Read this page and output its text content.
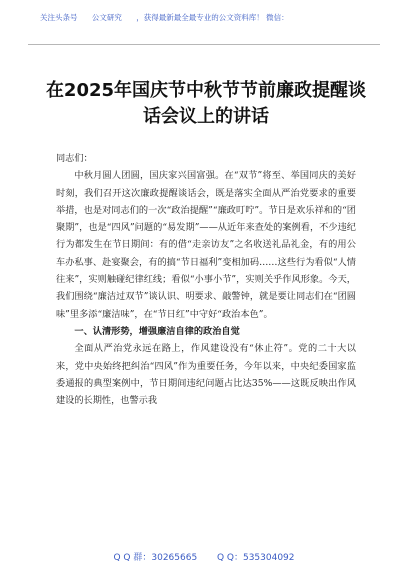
关注头条号 公文研究 ，获得最新最全最专业的公文资料库！ 微信：
在2025年国庆节中秋节节前廉政提醒谈
话会议上的讲话

同志们：

中秋月圆人团圆，国庆家兴国富强。在“双节”将至、举国同庆的美好时刻，我们召开这次廉政提醒谈话会，既是落实全面从严治党要求的重要举措，也是对同志们的一次“政治提醒”“廉政叮咛”。节日是欢乐祥和的“团聚期”，也是“四风”问题的“易发期”——从近年来查处的案例看，不少违纪行为都发生在节日期间：有的借“走亲访友”之名收送礼品礼金，有的用公车办私事、赴宴聚会，有的搞“节日福利”变相加码……这些行为看似“人情往来”，实则触碰纪律红线；看似“小事小节”，实则关乎作风形象。今天，我们围绕“廉洁过双节”谈认识、明要求、敲警钟，就是要让同志们在“团圆味”里多添“廉洁味”，在“节日红”中守好“政治本色”。

一、认清形势，增强廉洁自律的政治自觉

全面从严治党永远在路上，作风建设没有“休止符”。党的二十大以来，党中央始终把纠治“四风”作为重要任务，今年以来，中央纪委国家监委通报的典型案例中，节日期间违纪问题占比达35%——这既反映出作风建设的长期性，也警示我

Q Q 群：30265665 Q Q：535304092
